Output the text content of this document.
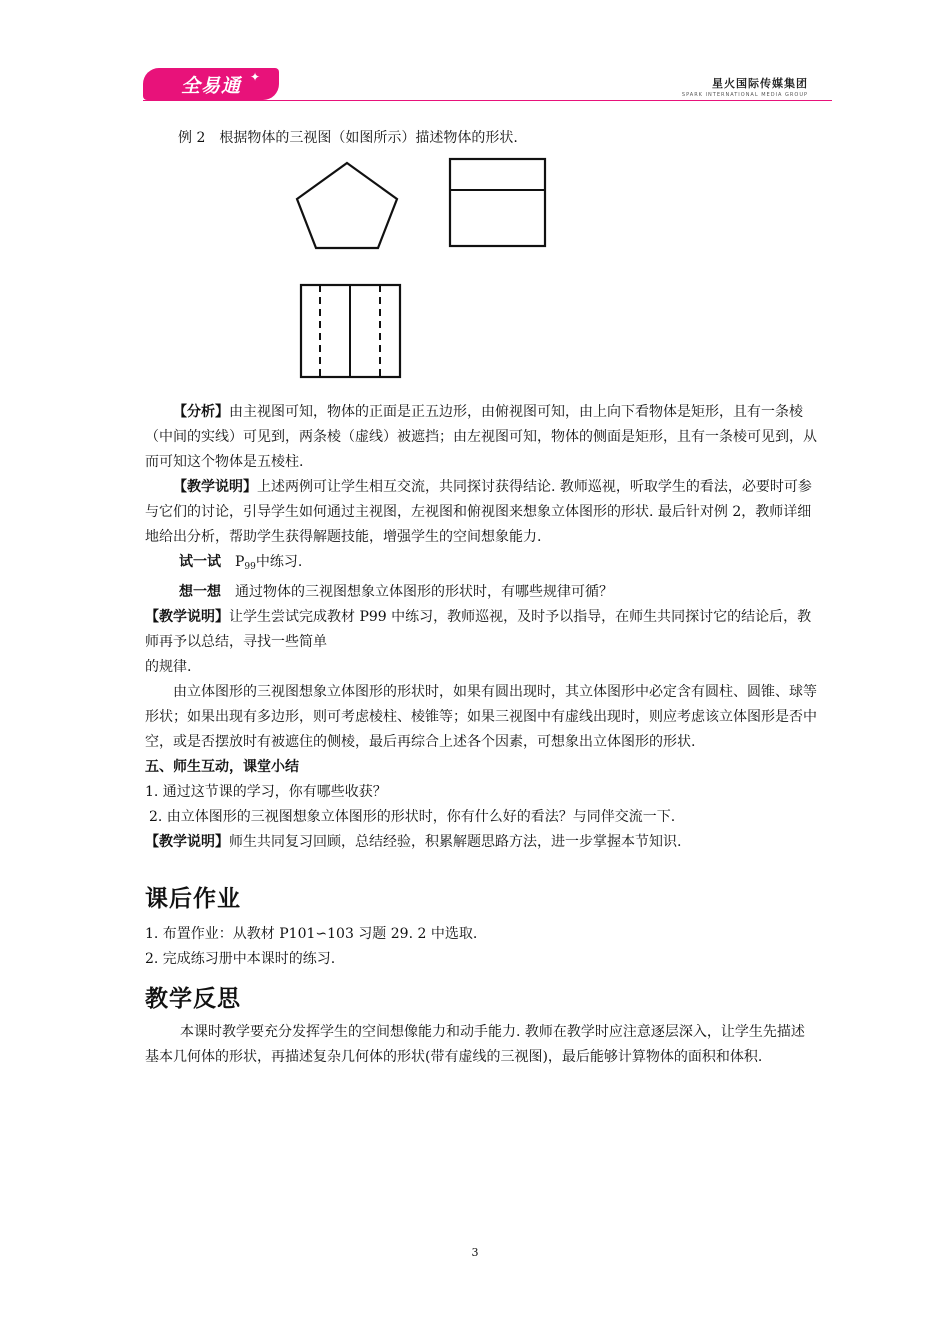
全易通 ✦	星火国际传媒集团
SPARK INTERNATIONAL MEDIA GROUP
例 2　根据物体的三视图（如图所示）描述物体的形状.

【分析】由主视图可知，物体的正面是正五边形，由俯视图可知，由上向下看物体是矩形，且有一条棱（中间的实线）可见到，两条棱（虚线）被遮挡；由左视图可知，物体的侧面是矩形，且有一条棱可见到，从而可知这个物体是五棱柱.

【教学说明】上述两例可让学生相互交流，共同探讨获得结论. 教师巡视，听取学生的看法，必要时可参与它们的讨论，引导学生如何通过主视图，左视图和俯视图来想象立体图形的形状. 最后针对例 2，教师详细地给出分析，帮助学生获得解题技能，增强学生的空间想象能力.

试一试　 $P_{99}$中练习.

想一想　 通过物体的三视图想象立体图形的形状时，有哪些规律可循？

【教学说明】让学生尝试完成教材 P99 中练习，教师巡视，及时予以指导，在师生共同探讨它的结论后，教师再予以总结，寻找一些简单

的规律.

由立体图形的三视图想象立体图形的形状时，如果有圆出现时，其立体图形中必定含有圆柱、圆锥、球等形状；如果出现有多边形，则可考虑棱柱、棱锥等；如果三视图中有虚线出现时，则应考虑该立体图形是否中空，或是否摆放时有被遮住的侧棱，最后再综合上述各个因素，可想象出立体图形的形状.

五、师生互动，课堂小结

1. 通过这节课的学习，你有哪些收获？

2. 由立体图形的三视图想象立体图形的形状时，你有什么好的看法？与同伴交流一下.

【教学说明】师生共同复习回顾，总结经验，积累解题思路方法，进一步掌握本节知识.

课后作业

1. 布置作业：从教材 P101∽103 习题 29. 2 中选取.

2. 完成练习册中本课时的练习.

教学反思

本课时教学要充分发挥学生的空间想像能力和动手能力. 教师在教学时应注意逐层深入，让学生先描述基本几何体的形状，再描述复杂几何体的形状(带有虚线的三视图)，最后能够计算物体的面积和体积.

3
